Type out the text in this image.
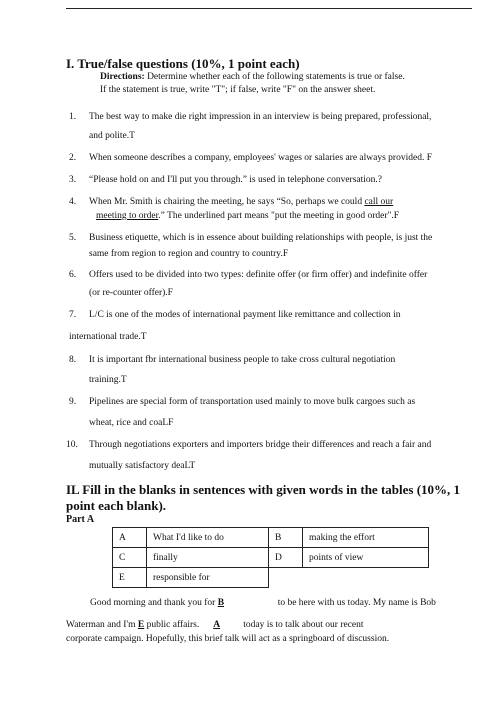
I. True/false questions (10%, 1 point each)
Directions: Determine whether each of the following statements is true or false.
If the statement is true, write "T"; if false, write "F" on the answer sheet.
1. The best way to make die right impression in an interview is being prepared, professional,
and polite.T
2. When someone describes a company, employees' wages or salaries are always provided. F
3. “Please hold on and I'll put you through.” is used in telephone conversation.?
4. When Mr. Smith is chairing the meeting, he says “So, perhaps we could call our
meeting to order.” The underlined part means "put the meeting in good order".F
5. Business etiquette, which is in essence about building relationships with people, is just the
same from region to region and country to country.F
6. Offers used to be divided into two types: definite offer (or firm offer) and indefinite offer
(or re-counter offer).F
7. L/C is one of the modes of international payment like remittance and collection in
international trade.T
8. It is important fbr international business people to take cross cultural negotiation
training.T
9. Pipelines are special form of transportation used mainly to move bulk cargoes such as
wheat, rice and coaLF
10. Through negotiations exporters and importers bridge their differences and reach a fair and
mutually satisfactory deaLT
IL Fill in the blanks in sentences with given words in the tables (10%, 1
point each blank).
Part A
A	What I'd like to do	B	making the effort
C	finally	D	points of view
E	responsible for		
Good morning and thank you for B	to be here with us today. My name is Bob
Waterman and I'm E public affairs. A today is to talk about our recent
corporate campaign. Hopefully, this brief talk will act as a springboard of discussion.
